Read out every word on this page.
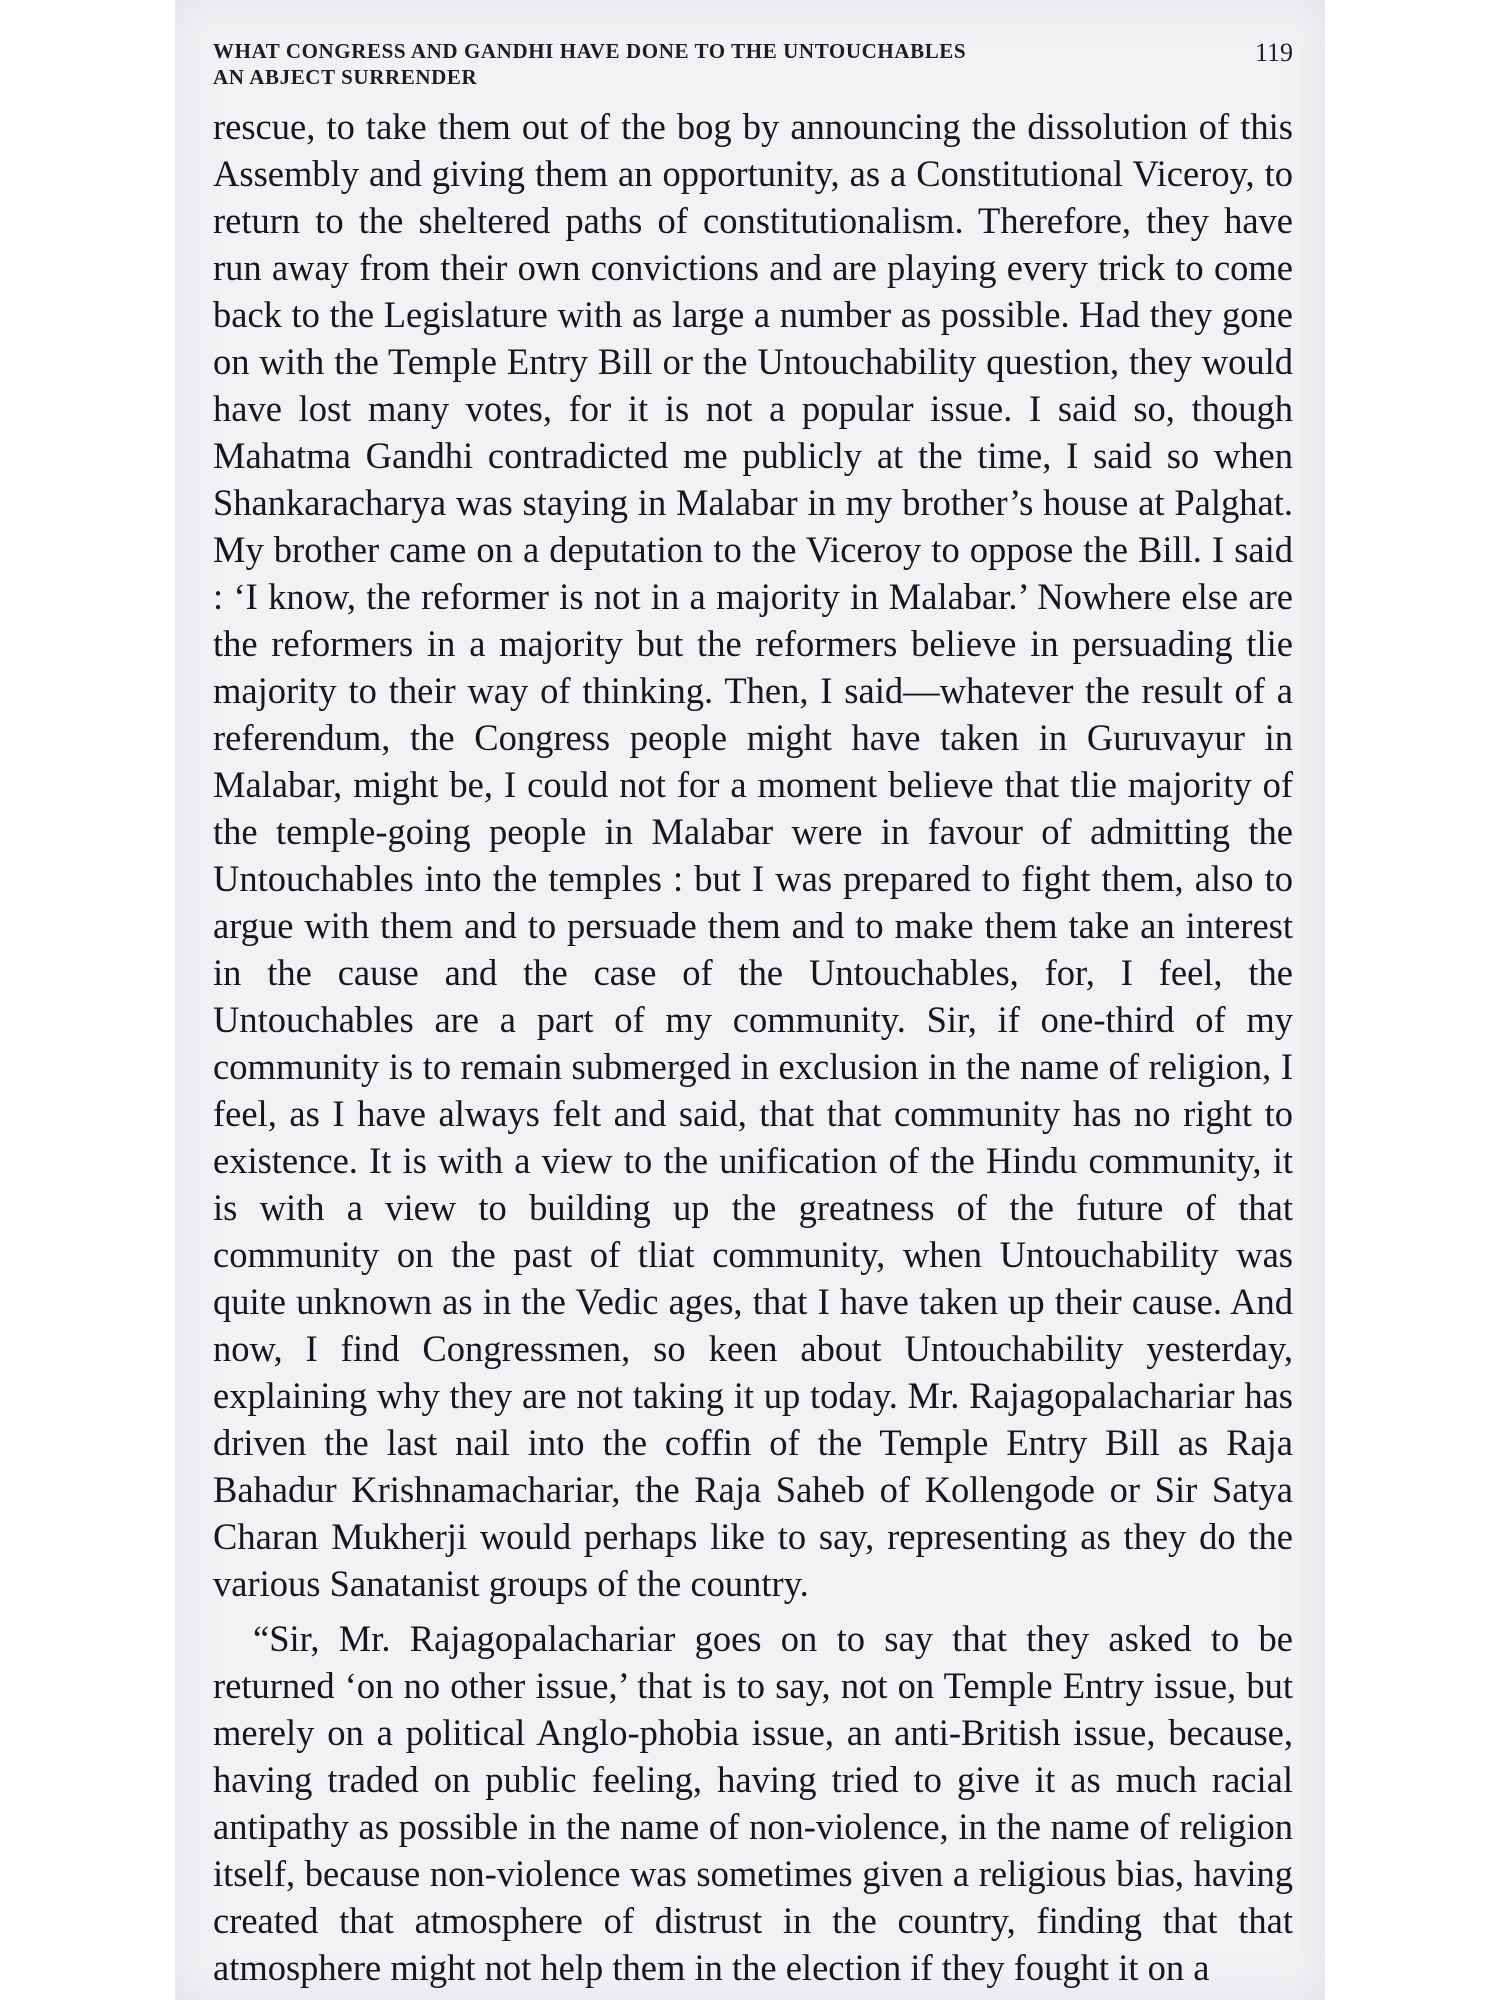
WHAT CONGRESS AND GANDHI HAVE DONE TO THE UNTOUCHABLES
AN ABJECT SURRENDER
119

rescue, to take them out of the bog by announcing the dissolution of this Assembly and giving them an opportunity, as a Constitutional Viceroy, to return to the sheltered paths of constitutionalism. Therefore, they have run away from their own convictions and are playing every trick to come back to the Legislature with as large a number as possible. Had they gone on with the Temple Entry Bill or the Untouchability question, they would have lost many votes, for it is not a popular issue. I said so, though Mahatma Gandhi contradicted me publicly at the time, I said so when Shankaracharya was staying in Malabar in my brother’s house at Palghat. My brother came on a deputation to the Viceroy to oppose the Bill. I said : ‘I know, the reformer is not in a majority in Malabar.’ Nowhere else are the reformers in a majority but the reformers believe in persuading tlie majority to their way of thinking. Then, I said—whatever the result of a referendum, the Congress people might have taken in Guruvayur in Malabar, might be, I could not for a moment believe that tlie majority of the temple-going people in Malabar were in favour of admitting the Untouchables into the temples : but I was prepared to fight them, also to argue with them and to persuade them and to make them take an interest in the cause and the case of the Untouchables, for, I feel, the Untouchables are a part of my community. Sir, if one-third of my community is to remain submerged in exclusion in the name of religion, I feel, as I have always felt and said, that that community has no right to existence. It is with a view to the unification of the Hindu community, it is with a view to building up the greatness of the future of that community on the past of tliat community, when Untouchability was quite unknown as in the Vedic ages, that I have taken up their cause. And now, I find Congressmen, so keen about Untouchability yesterday, explaining why they are not taking it up today. Mr. Rajagopalachariar has driven the last nail into the coffin of the Temple Entry Bill as Raja Bahadur Krishnamachariar, the Raja Saheb of Kollengode or Sir Satya Charan Mukherji would perhaps like to say, representing as they do the various Sanatanist groups of the country.

“Sir, Mr. Rajagopalachariar goes on to say that they asked to be returned ‘on no other issue,’ that is to say, not on Temple Entry issue, but merely on a political Anglo-phobia issue, an anti-British issue, because, having traded on public feeling, having tried to give it as much racial antipathy as possible in the name of non-violence, in the name of religion itself, because non-violence was sometimes given a religious bias, having created that atmosphere of distrust in the country, finding that that atmosphere might not help them in the election if they fought it on a
